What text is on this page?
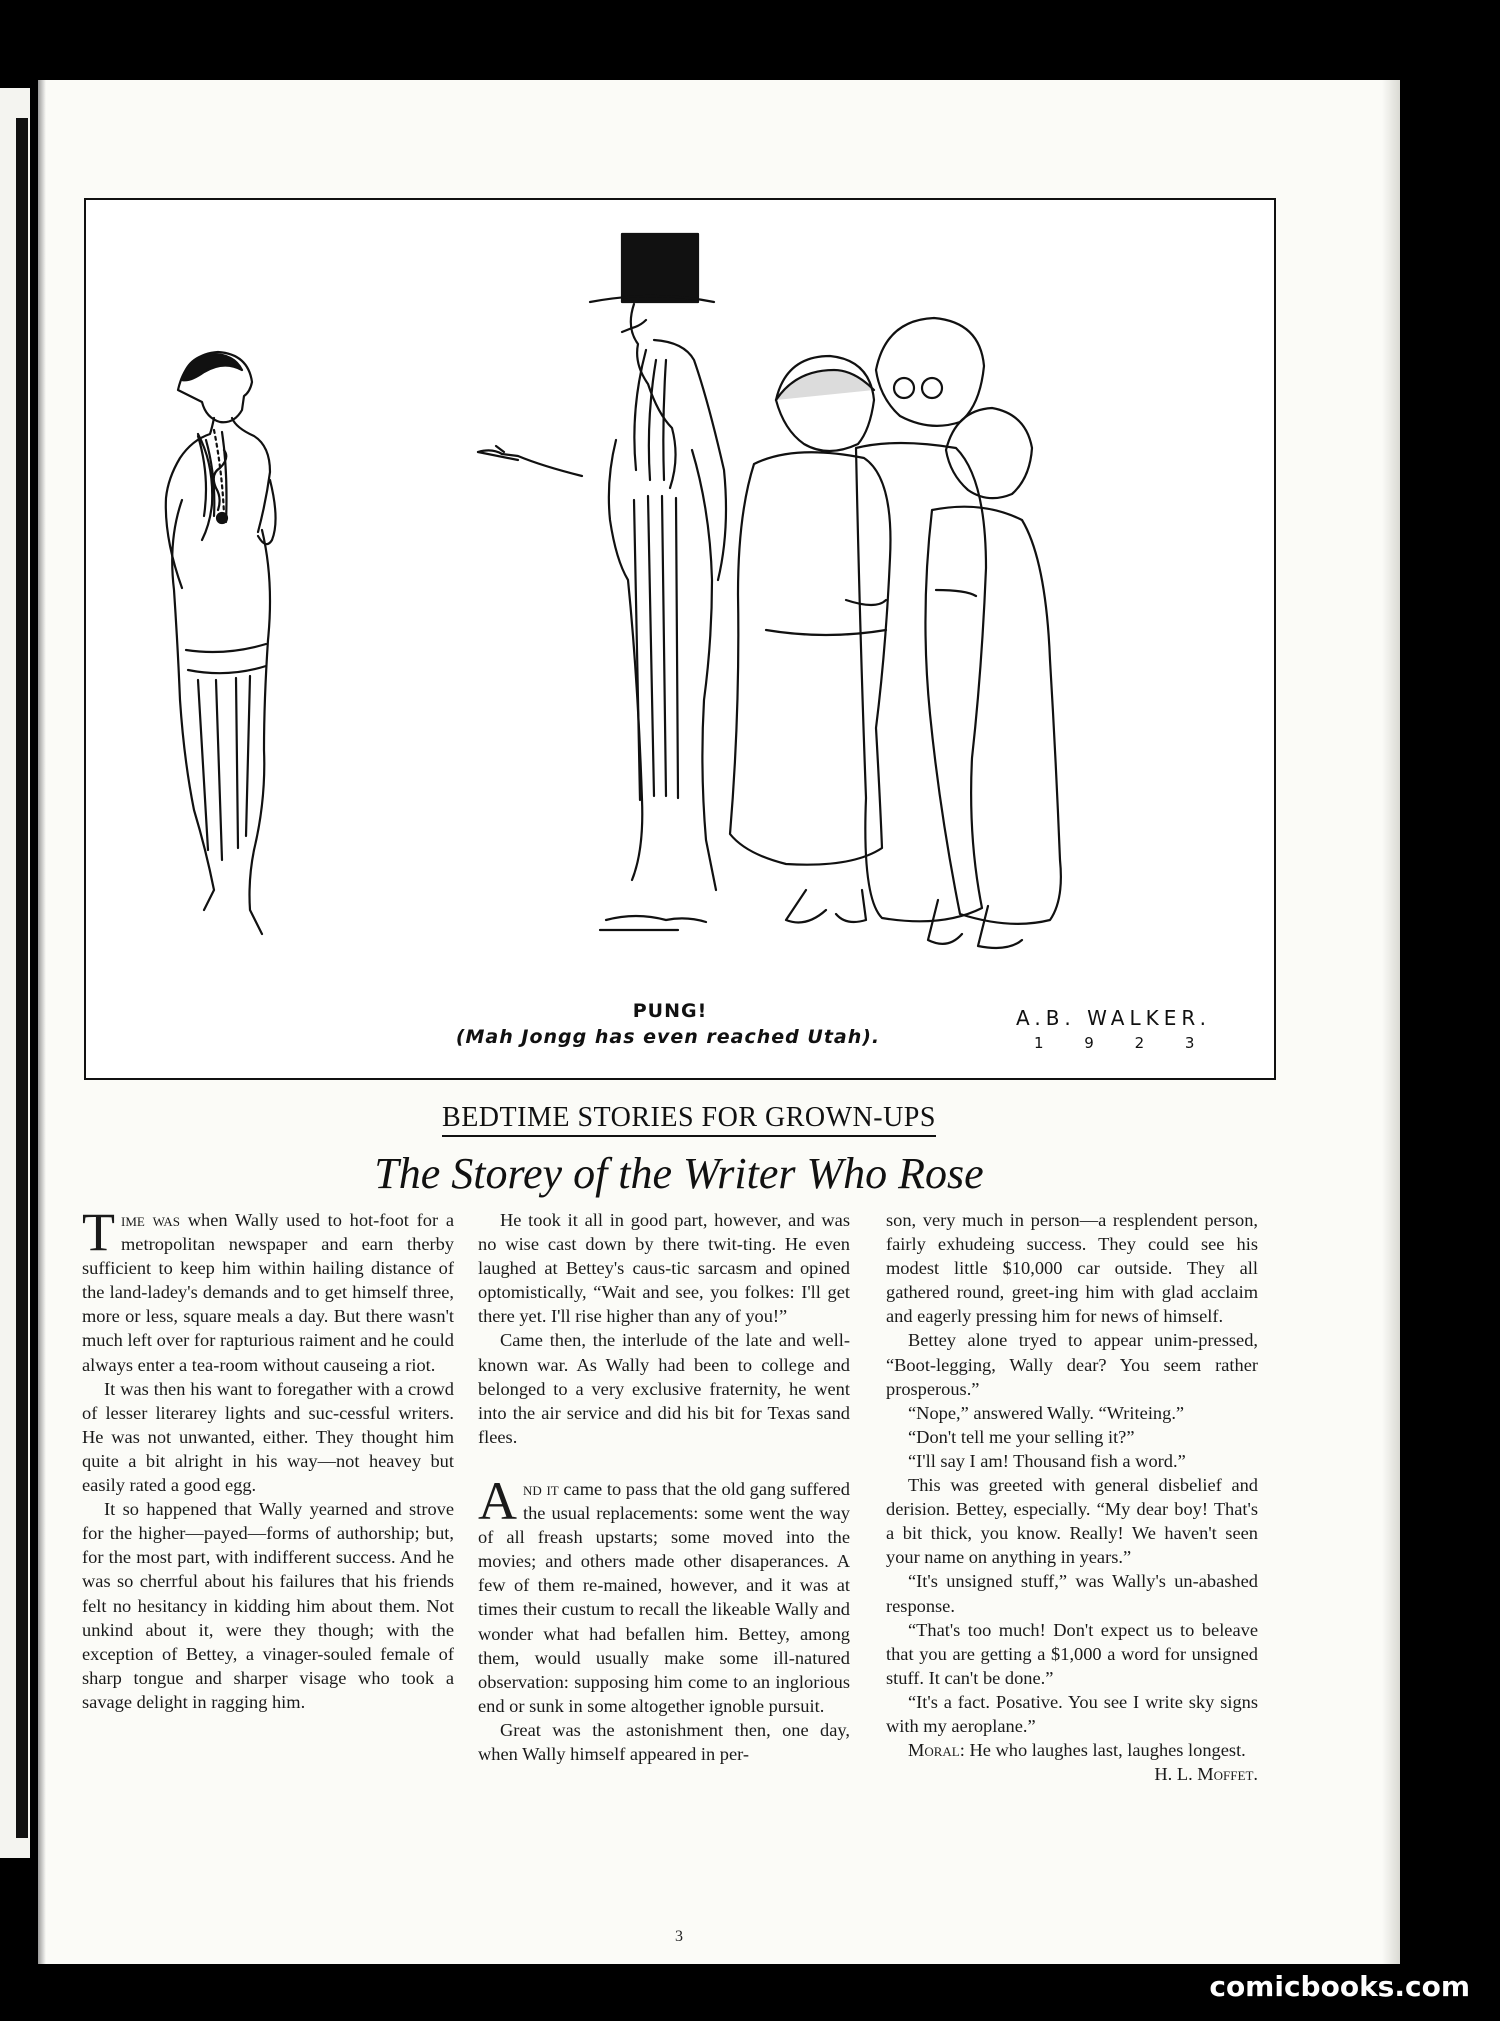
PUNG!
(Mah Jongg has even reached Utah).
A.B. WALKER.
1 9 2 3
BEDTIME STORIES FOR GROWN-UPS
The Storey of the Writer Who Rose

Time was when Wally used to hot-foot for a metropolitan newspaper and earn therby sufficient to keep him within hailing distance of the land-ladey's demands and to get himself three, more or less, square meals a day. But there wasn't much left over for rapturious raiment and he could always enter a tea-room without causeing a riot.

It was then his want to foregather with a crowd of lesser literarey lights and suc-cessful writers. He was not unwanted, either. They thought him quite a bit alright in his way—not heavey but easily rated a good egg.

It so happened that Wally yearned and strove for the higher—payed—forms of authorship; but, for the most part, with indifferent success. And he was so cherrful about his failures that his friends felt no hesitancy in kidding him about them. Not unkind about it, were they though; with the exception of Bettey, a vinager-souled female of sharp tongue and sharper visage who took a savage delight in ragging him.

He took it all in good part, however, and was no wise cast down by there twit-ting. He even laughed at Bettey's caus-tic sarcasm and opined optomistically, “Wait and see, you folkes: I'll get there yet. I'll rise higher than any of you!”

Came then, the interlude of the late and well-known war. As Wally had been to college and belonged to a very exclusive fraternity, he went into the air service and did his bit for Texas sand flees.

And it came to pass that the old gang suffered the usual replacements: some went the way of all freash upstarts; some moved into the movies; and others made other disaperances. A few of them re-mained, however, and it was at times their custum to recall the likeable Wally and wonder what had befallen him. Bettey, among them, would usually make some ill-natured observation: supposing him come to an inglorious end or sunk in some altogether ignoble pursuit.

Great was the astonishment then, one day, when Wally himself appeared in per-

son, very much in person—a resplendent person, fairly exhudeing success. They could see his modest little $10,000 car outside. They all gathered round, greet-ing him with glad acclaim and eagerly pressing him for news of himself.

Bettey alone tryed to appear unim-pressed, “Boot-legging, Wally dear? You seem rather prosperous.”

“Nope,” answered Wally. “Writeing.”

“Don't tell me your selling it?”

“I'll say I am! Thousand fish a word.”

This was greeted with general disbelief and derision. Bettey, especially. “My dear boy! That's a bit thick, you know. Really! We haven't seen your name on anything in years.”

“It's unsigned stuff,” was Wally's un-abashed response.

“That's too much! Don't expect us to beleave that you are getting a $1,000 a word for unsigned stuff. It can't be done.”

“It's a fact. Posative. You see I write sky signs with my aeroplane.”

Moral: He who laughes last, laughes longest.

H. L. Moffet.

3
comicbooks.com
